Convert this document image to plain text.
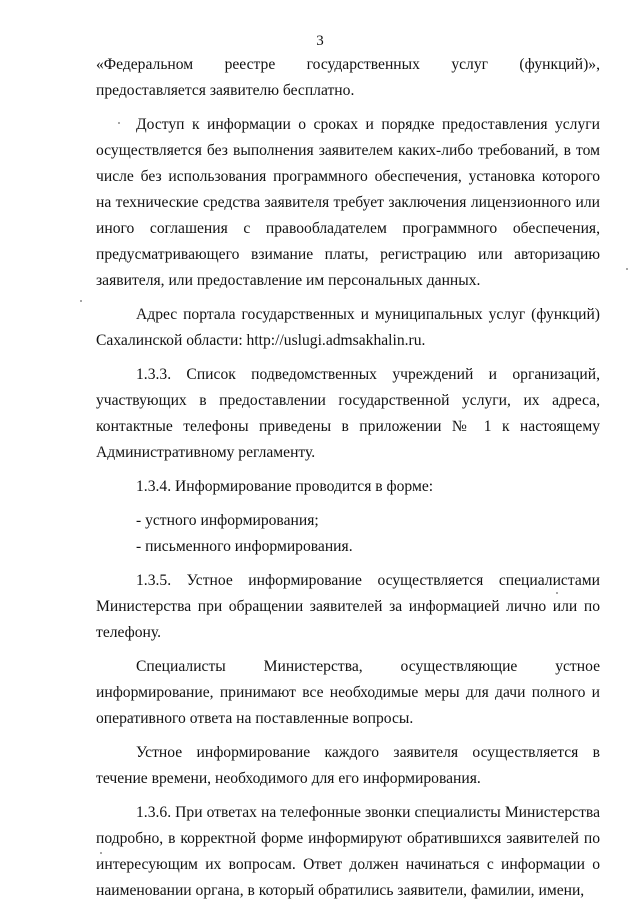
3

«Федеральном реестре государственных услуг (функций)», предоставляется заявителю бесплатно.

Доступ к информации о сроках и порядке предоставления услуги осуществляется без выполнения заявителем каких-либо требований, в том числе без использования программного обеспечения, установка которого на технические средства заявителя требует заключения лицензионного или иного соглашения с правообладателем программного обеспечения, предусматривающего взимание платы, регистрацию или авторизацию заявителя, или предоставление им персональных данных.

Адрес портала государственных и муниципальных услуг (функций) Сахалинской области: http://uslugi.admsakhalin.ru.

1.3.3. Список подведомственных учреждений и организаций, участвующих в предоставлении государственной услуги, их адреса, контактные телефоны приведены в приложении № 1 к настоящему Административному регламенту.

1.3.4. Информирование проводится в форме:

- устного информирования;

- письменного информирования.

1.3.5. Устное информирование осуществляется специалистами Министерства при обращении заявителей за информацией лично или по телефону.

Специалисты Министерства, осуществляющие устное информирование, принимают все необходимые меры для дачи полного и оперативного ответа на поставленные вопросы.

Устное информирование каждого заявителя осуществляется в течение времени, необходимого для его информирования.

1.3.6. При ответах на телефонные звонки специалисты Министерства подробно, в корректной форме информируют обратившихся заявителей по интересующим их вопросам. Ответ должен начинаться с информации о наименовании органа, в который обратились заявители, фамилии, имени,
